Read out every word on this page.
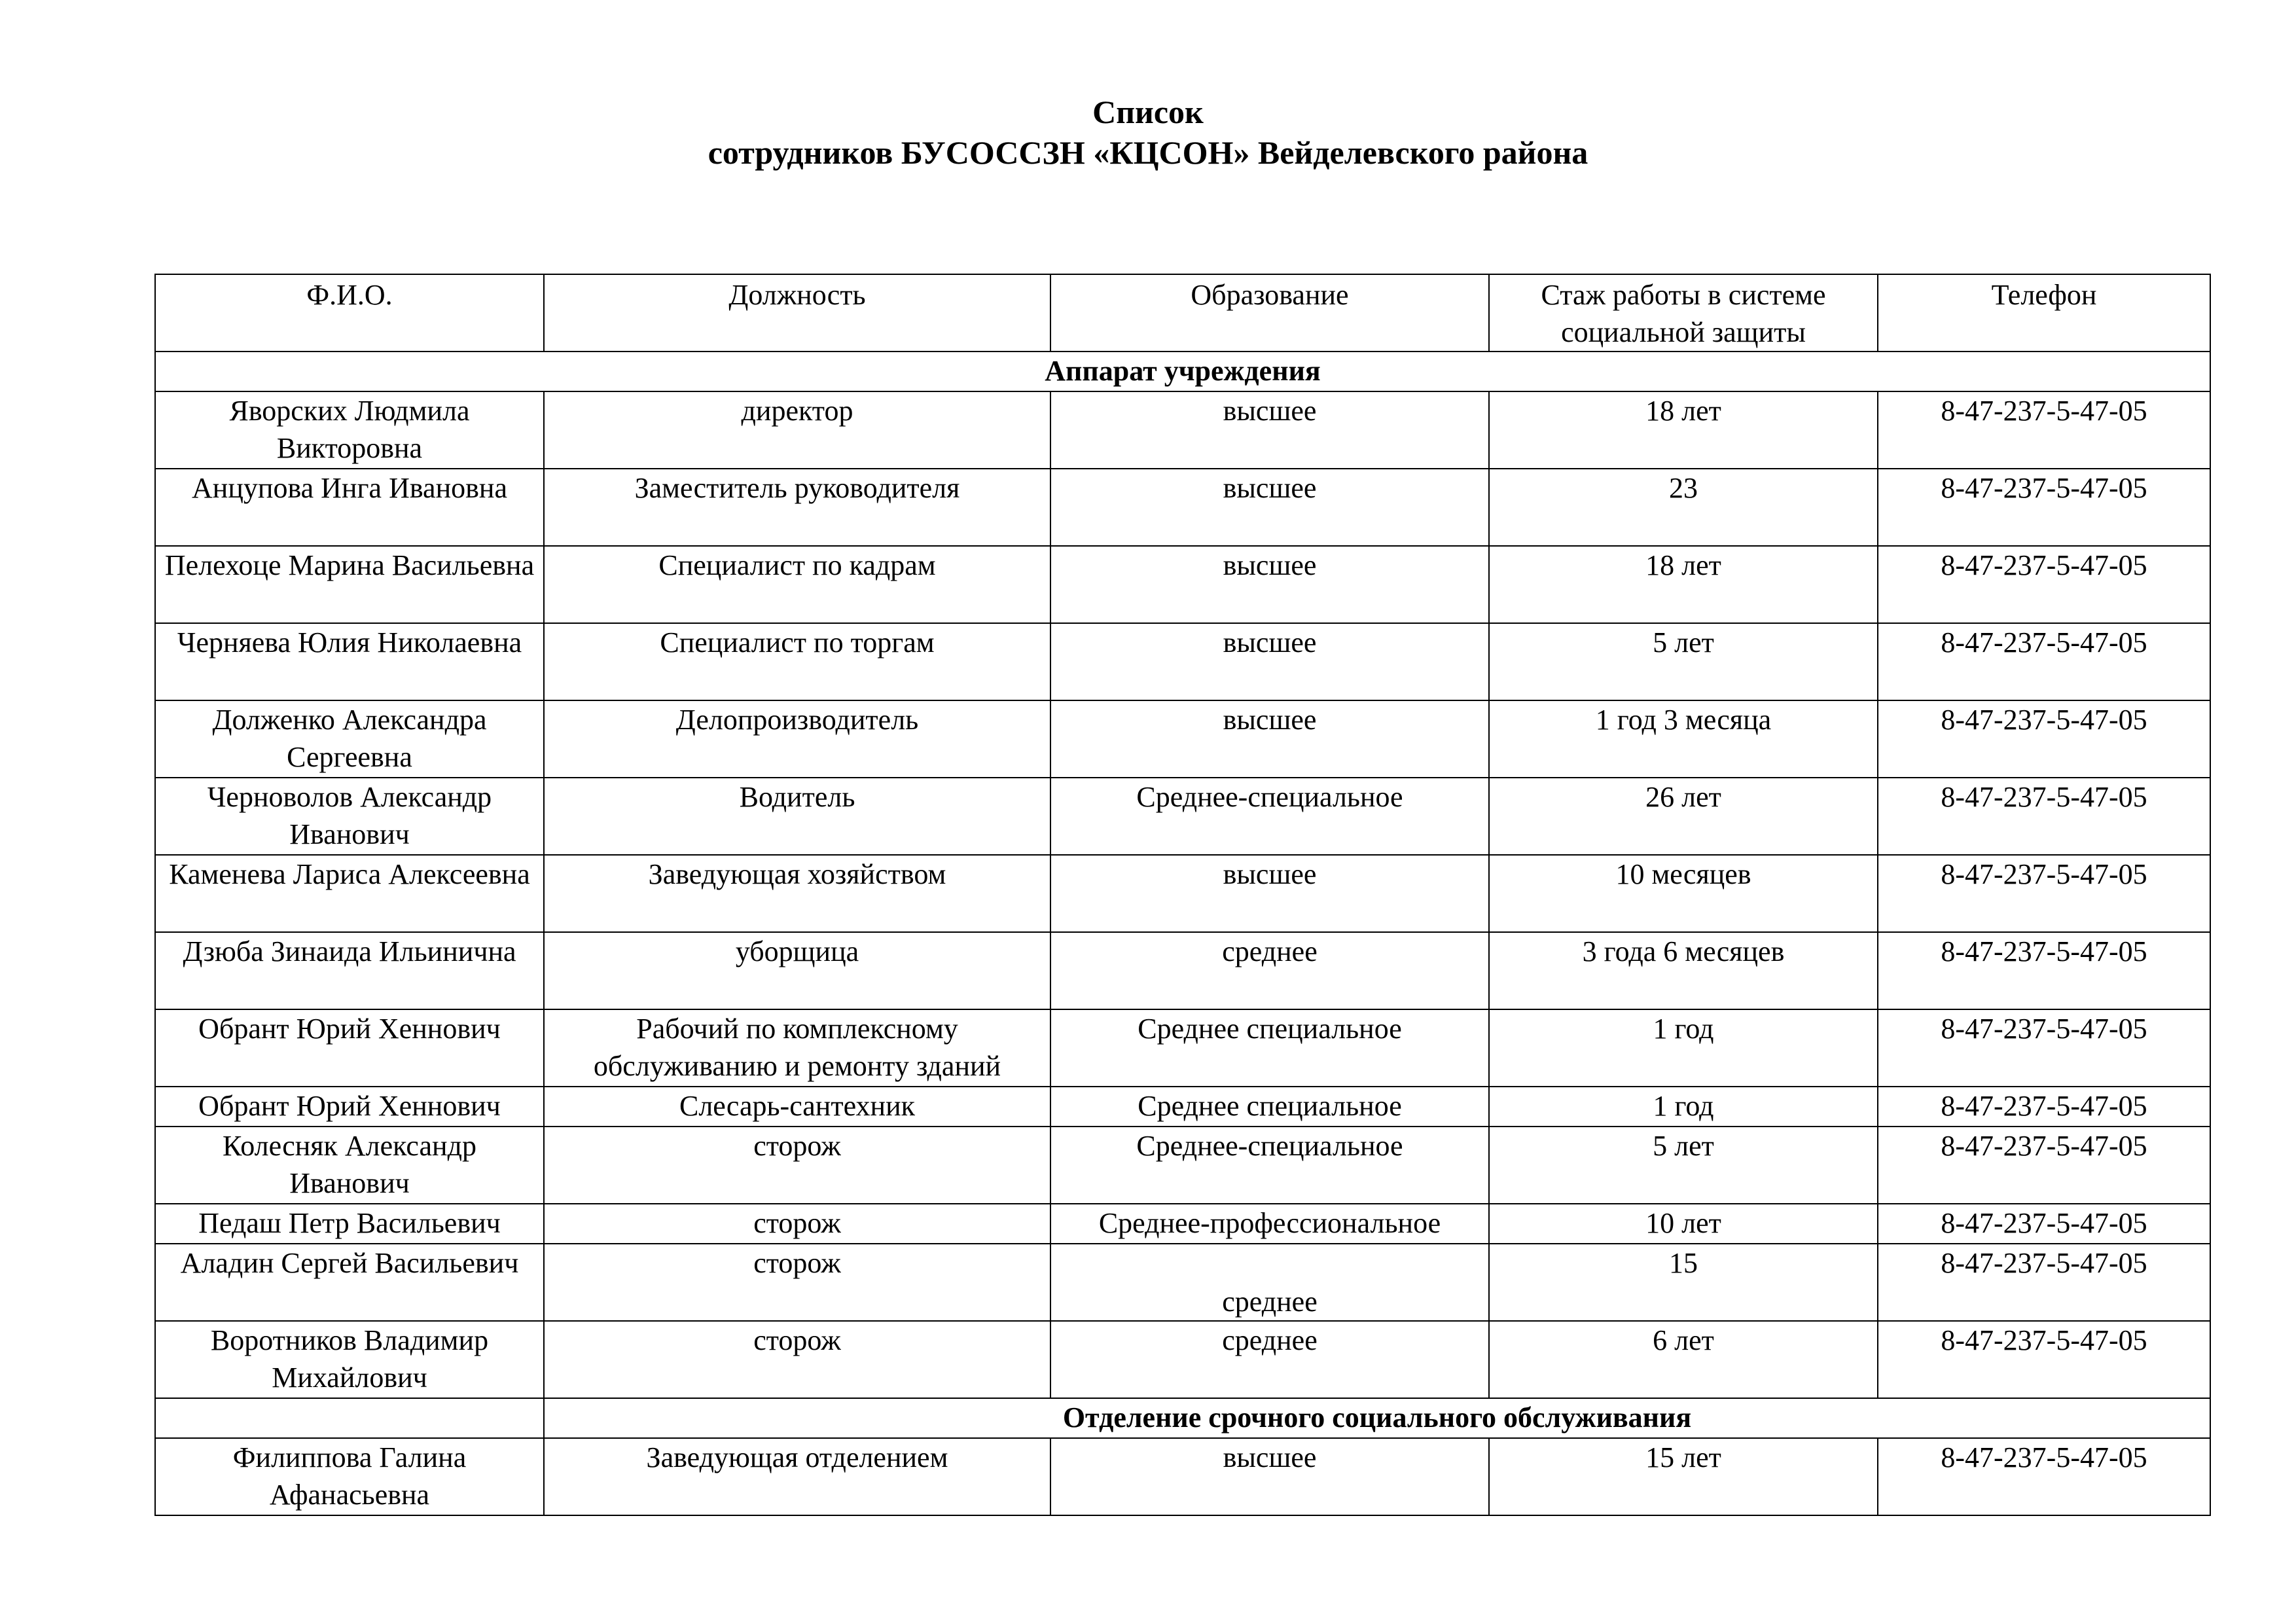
Список
сотрудников БУСОССЗН «КЦСОН» Вейделевского района
Ф.И.О.	Должность	Образование	Стаж работы в системе социальной защиты	Телефон
Аппарат учреждения				
Яворских Людмила Викторовна	директор	высшее	18 лет	8-47-237-5-47-05
Анцупова Инга Ивановна	Заместитель руководителя	высшее	23	8-47-237-5-47-05
Пелехоце Марина Васильевна	Специалист по кадрам	высшее	18 лет	8-47-237-5-47-05
Черняева Юлия Николаевна	Специалист по торгам	высшее	5 лет	8-47-237-5-47-05
Долженко Александра Сергеевна	Делопроизводитель	высшее	1 год 3 месяца	8-47-237-5-47-05
Черноволов Александр Иванович	Водитель	Среднее-специальное	26 лет	8-47-237-5-47-05
Каменева Лариса Алексеевна	Заведующая хозяйством	высшее	10 месяцев	8-47-237-5-47-05
Дзюба Зинаида Ильинична	уборщица	среднее	3 года 6 месяцев	8-47-237-5-47-05
Обрант Юрий Хеннович	Рабочий по комплексному обслуживанию и ремонту зданий	Среднее специальное	1 год	8-47-237-5-47-05
Обрант Юрий Хеннович	Слесарь-сантехник	Среднее специальное	1 год	8-47-237-5-47-05
Колесняк Александр Иванович	сторож	Среднее-специальное	5 лет	8-47-237-5-47-05
Педаш Петр Васильевич	сторож	Среднее-профессиональное	10 лет	8-47-237-5-47-05
Аладин Сергей Васильевич	сторож	среднее	15	8-47-237-5-47-05
Воротников Владимир Михайлович	сторож	среднее	6 лет	8-47-237-5-47-05
	Отделение срочного социального обслуживания			
Филиппова Галина Афанасьевна	Заведующая отделением	высшее	15 лет	8-47-237-5-47-05
